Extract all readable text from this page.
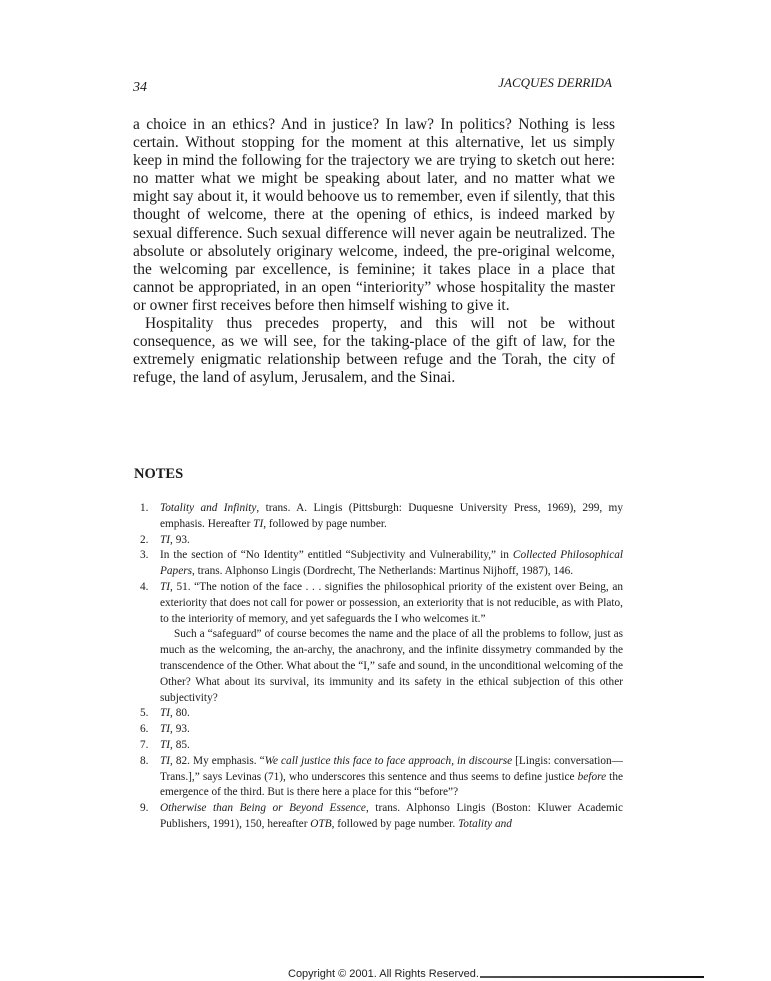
34	JACQUES DERRIDA

a choice in an ethics? And in justice? In law? In politics? Nothing is less certain. Without stopping for the moment at this alternative, let us simply keep in mind the following for the trajectory we are trying to sketch out here: no matter what we might be speaking about later, and no matter what we might say about it, it would behoove us to remember, even if silently, that this thought of welcome, there at the opening of ethics, is indeed marked by sexual difference. Such sexual difference will never again be neutralized. The absolute or absolutely originary welcome, indeed, the pre-original welcome, the welcoming par excellence, is feminine; it takes place in a place that cannot be appropriated, in an open “interiority” whose hospitality the master or owner first receives before then himself wishing to give it.

Hospitality thus precedes property, and this will not be without consequence, as we will see, for the taking-place of the gift of law, for the extremely enigmatic relationship between refuge and the Torah, the city of refuge, the land of asylum, Jerusalem, and the Sinai.

NOTES
1.	Totality and Infinity, trans. A. Lingis (Pittsburgh: Duquesne University Press, 1969), 299, my emphasis. Hereafter TI, followed by page number.
2.	TI, 93.
3.	In the section of “No Identity” entitled “Subjectivity and Vulnerability,” in Collected Philosophical Papers, trans. Alphonso Lingis (Dordrecht, The Netherlands: Martinus Nijhoff, 1987), 146.
4.	TI, 51. “The notion of the face . . . signifies the philosophical priority of the existent over Being, an exteriority that does not call for power or possession, an exteriority that is not reducible, as with Plato, to the interiority of memory, and yet safeguards the I who welcomes it.”
Such a “safeguard” of course becomes the name and the place of all the problems to follow, just as much as the welcoming, the an-archy, the anachrony, and the infinite dissymetry commanded by the transcendence of the Other. What about the “I,” safe and sound, in the unconditional welcoming of the Other? What about its survival, its immunity and its safety in the ethical subjection of this other subjectivity?
5.	TI, 80.
6.	TI, 93.
7.	TI, 85.
8.	TI, 82. My emphasis. “We call justice this face to face approach, in discourse [Lingis: conversation—Trans.],” says Levinas (71), who underscores this sentence and thus seems to define justice before the emergence of the third. But is there here a place for this “before”?
9.	Otherwise than Being or Beyond Essence, trans. Alphonso Lingis (Boston: Kluwer Academic Publishers, 1991), 150, hereafter OTB, followed by page number. Totality and
Copyright © 2001. All Rights Reserved.
